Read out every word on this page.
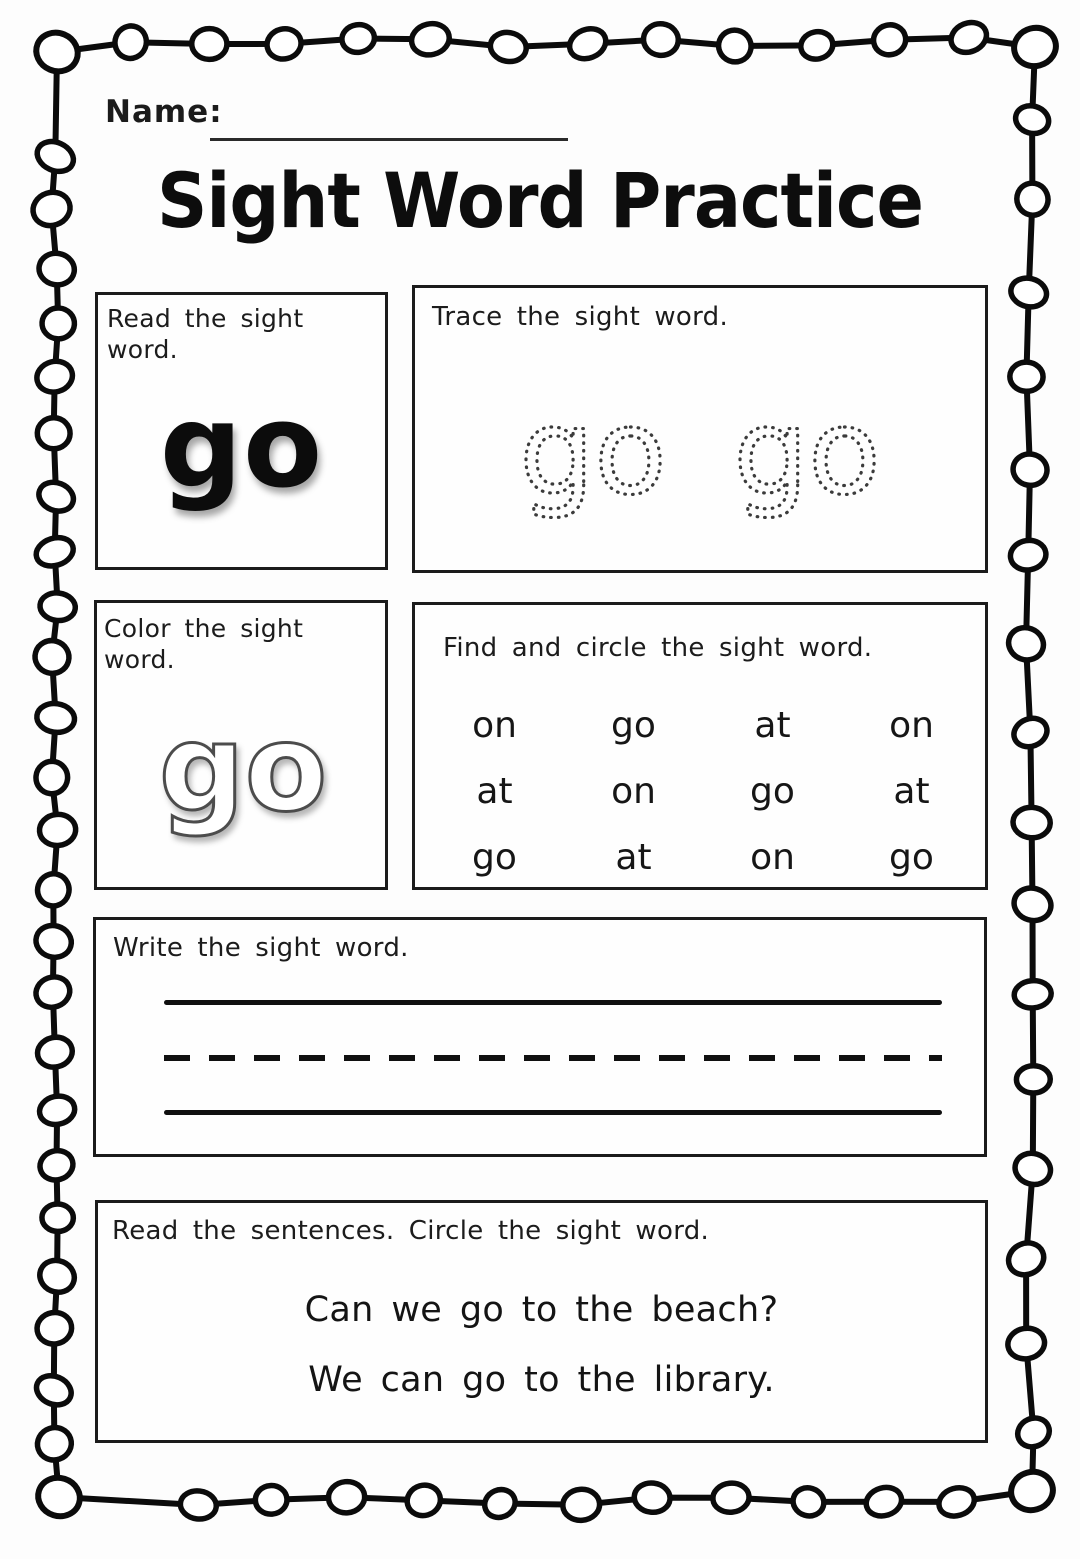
Name:
Sight Word Practice
Read the sight word.
go	go go
Trace the sight word.
go
Color the sight word.	Find and circle the sight word.
on	go	at	on
at	on	go	at
go	at	on	go
Write the sight word.
Read the sentences. Circle the sight word.
Can we go to the beach?
We can go to the library.
